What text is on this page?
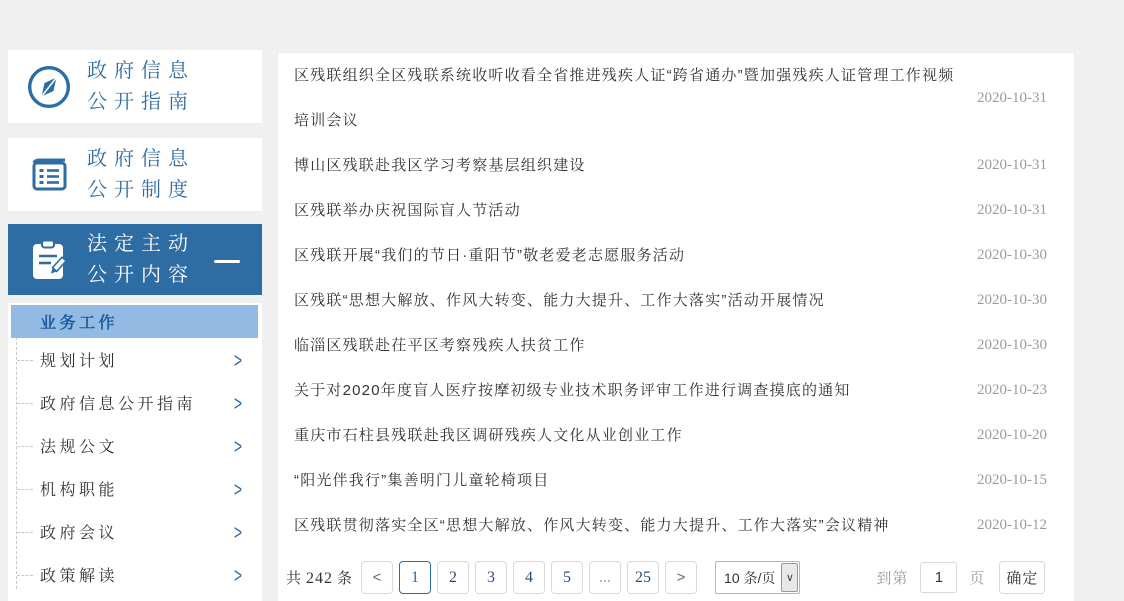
政府信息
公开指南
政府信息
公开制度
法定主动
公开内容
业务工作
规划计划	>
政府信息公开指南	>
法规公文	>
机构职能	>
政府会议	>
政策解读	>
区残联组织全区残联系统收听收看全省推进残疾人证“跨省通办”暨加强残疾人证管理工作视频培训会议
2020-10-31
博山区残联赴我区学习考察基层组织建设	2020-10-31
区残联举办庆祝国际盲人节活动	2020-10-31
区残联开展“我们的节日·重阳节”敬老爱老志愿服务活动	2020-10-30
区残联“思想大解放、作风大转变、能力大提升、工作大落实”活动开展情况	2020-10-30
临淄区残联赴茌平区考察残疾人扶贫工作	2020-10-30
关于对2020年度盲人医疗按摩初级专业技术职务评审工作进行调查摸底的通知	2020-10-23
重庆市石柱县残联赴我区调研残疾人文化从业创业工作	2020-10-20
“阳光伴我行”集善明门儿童轮椅项目	2020-10-15
区残联贯彻落实全区“思想大解放、作风大转变、能力大提升、工作大落实”会议精神	2020-10-12
共 242 条	<	1	2	3	4	5	...	25	>	10 条/页 ∨	到第
1	页	确定
